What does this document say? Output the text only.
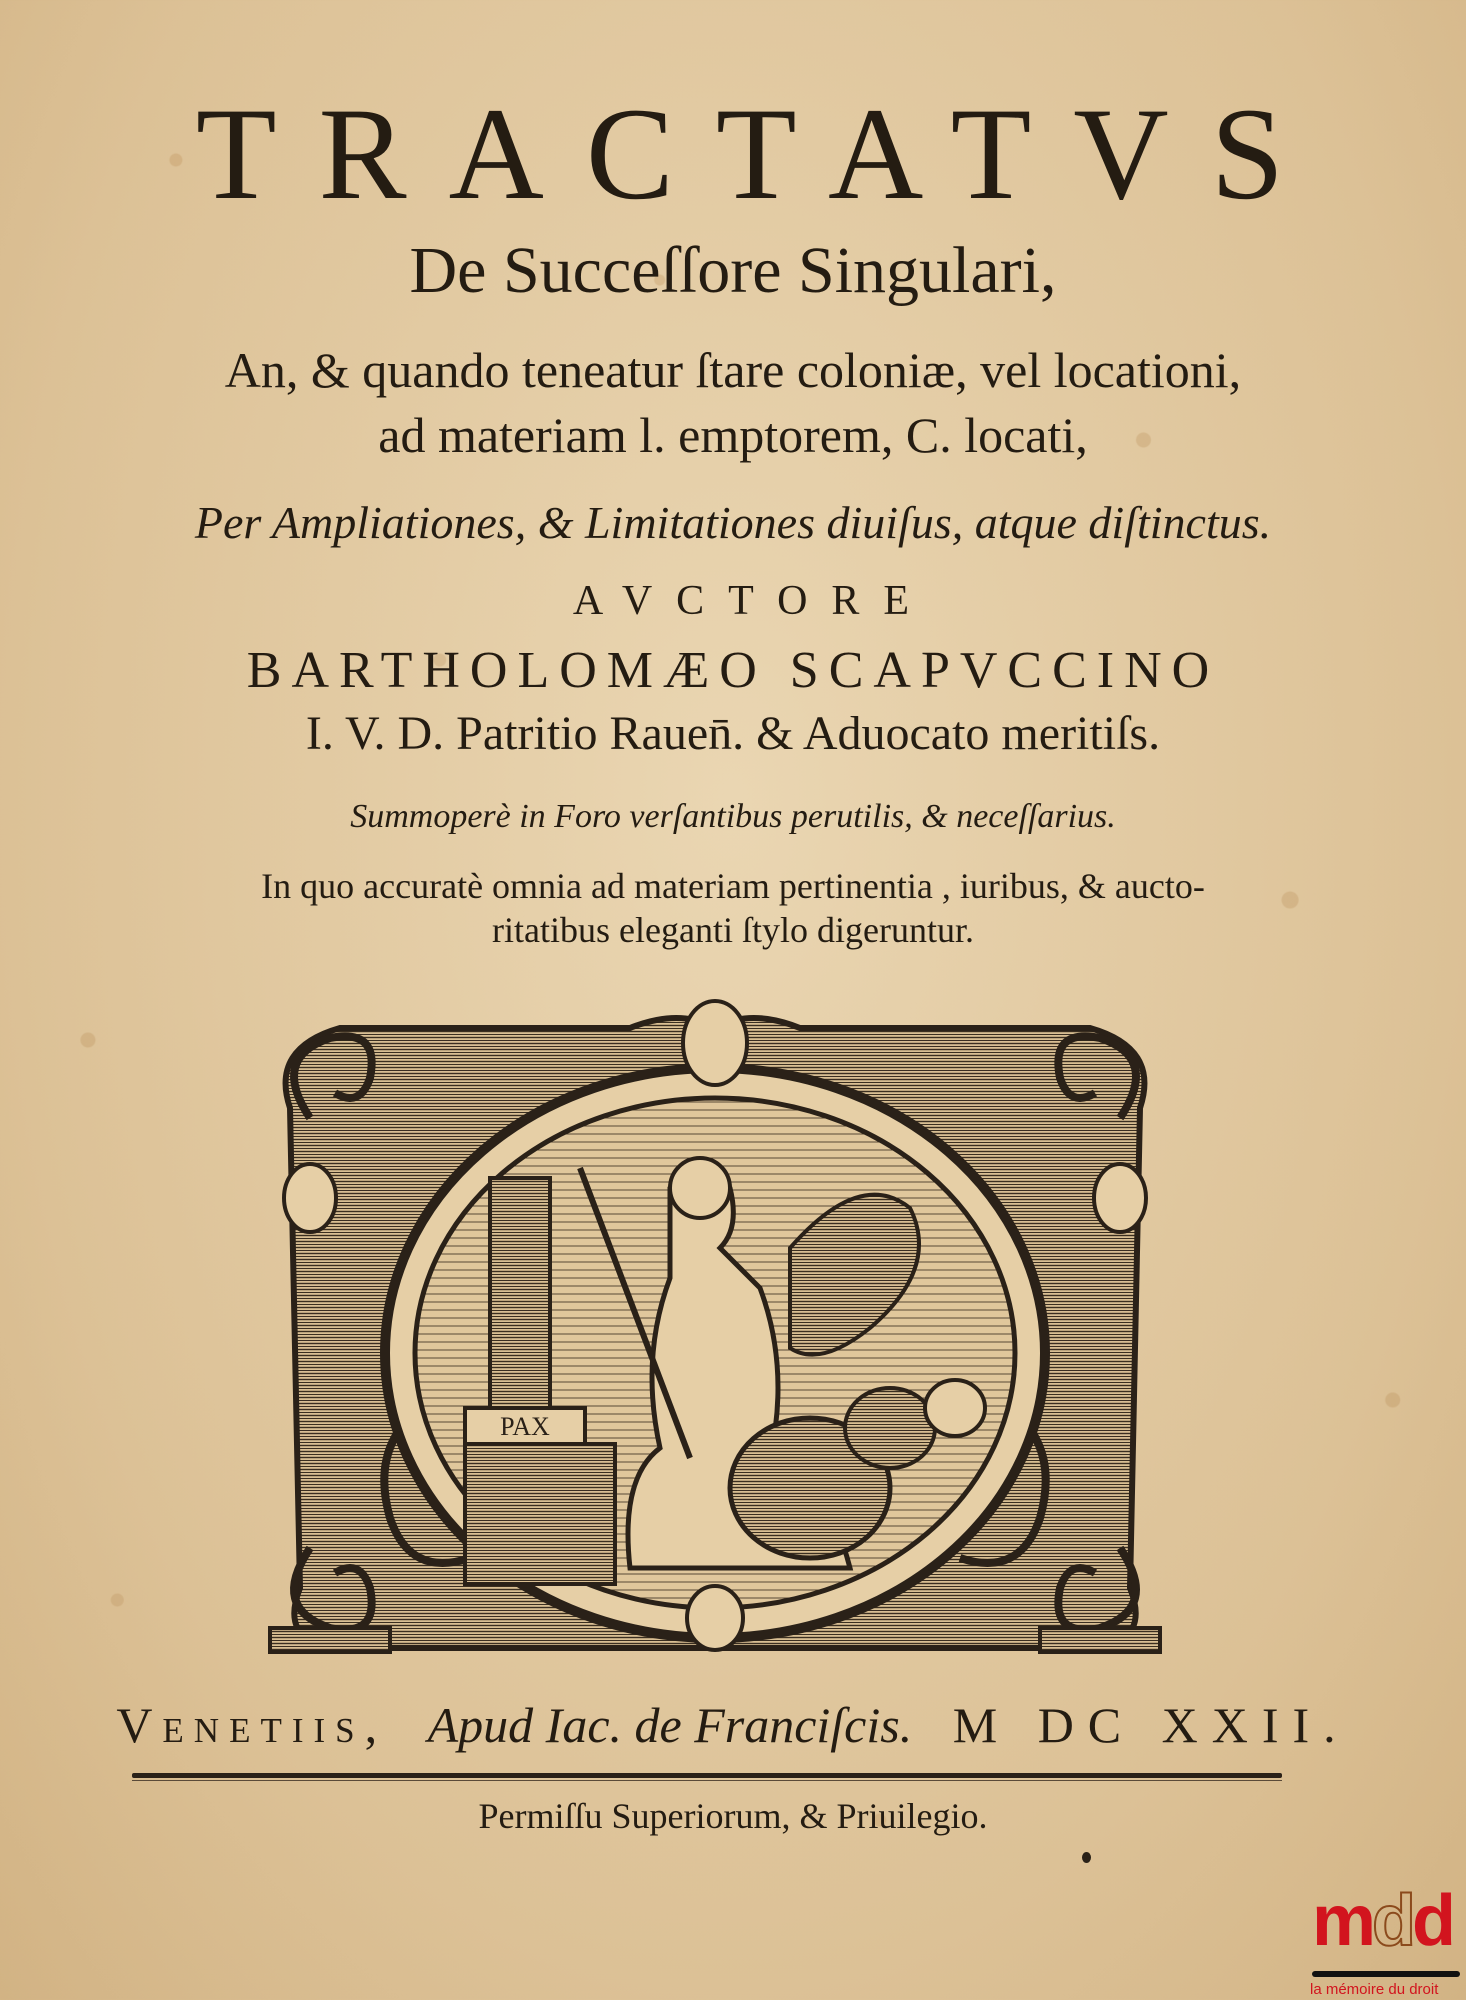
TRACTATVS
De Succeſſore Singulari,
An, & quando teneatur ſtare coloniæ, vel locationi,
ad materiam l. emptorem, C. locati,
Per Ampliationes, & Limitationes diuiſus, atque diſtinctus.
AVCTORE
BARTHOLOMÆO SCAPVCCINO
I. V. D. Patritio Rauen̄. & Aduocato meritiſs.
Summoperè in Foro verſantibus perutilis, & neceſſarius.
In quo accuratè omnia ad materiam pertinentia , iuribus, & aucto-
ritatibus eleganti ſtylo digeruntur.
PAX
Venetiis, Apud Iac. de Franciſcis. M DC XXII.
Permiſſu Superiorum, & Priuilegio.
mdd
la mémoire du droit
